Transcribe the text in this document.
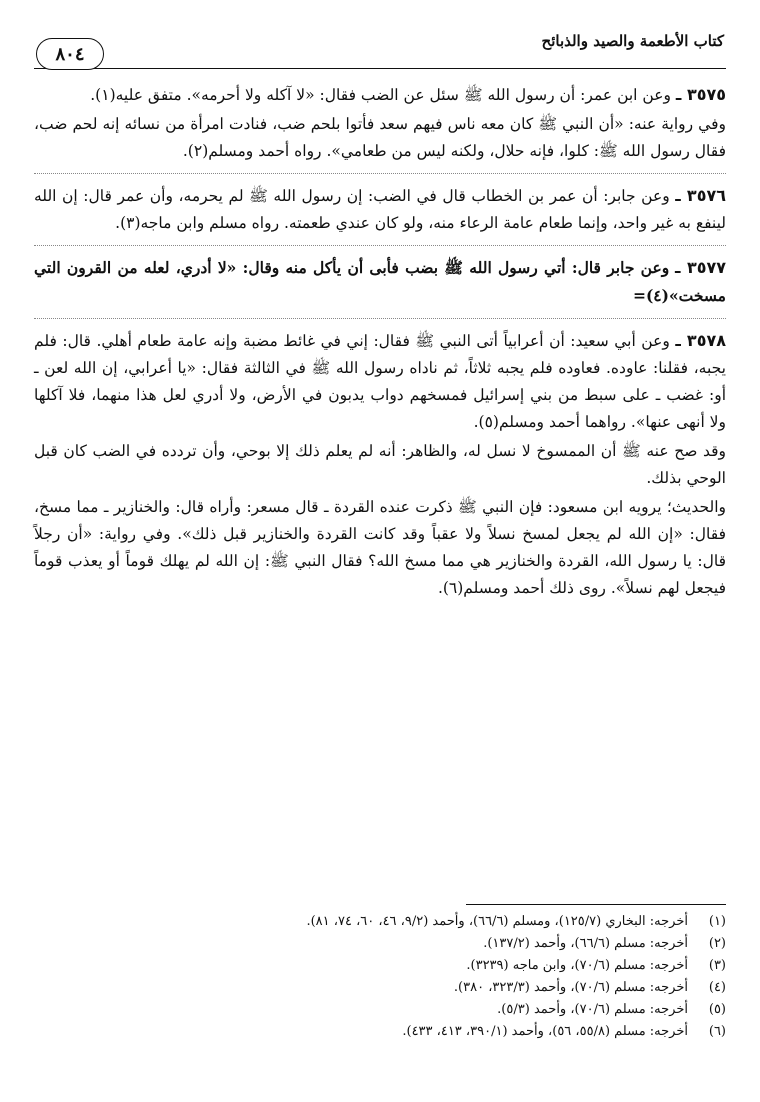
كتاب الأطعمة والصيد والذبائح
٨٠٤

٣٥٧٥ ـ وعن ابن عمر: أن رسول الله ﷺ سئل عن الضب فقال: «لا آكله ولا أحرمه». متفق عليه(١).

وفي رواية عنه: «أن النبي ﷺ كان معه ناس فيهم سعد فأتوا بلحم ضب، فنادت امرأة من نسائه إنه لحم ضب، فقال رسول الله ﷺ: كلوا، فإنه حلال، ولكنه ليس من طعامي». رواه أحمد ومسلم(٢).

٣٥٧٦ ـ وعن جابر: أن عمر بن الخطاب قال في الضب: إن رسول الله ﷺ لم يحرمه، وأن عمر قال: إن الله لينفع به غير واحد، وإنما طعام عامة الرعاء منه، ولو كان عندي طعمته. رواه مسلم وابن ماجه(٣).

٣٥٧٧ ـ وعن جابر قال: أتي رسول الله ﷺ بضب فأبى أن يأكل منه وقال: «لا أدري، لعله من القرون التي مسخت»(٤)=

٣٥٧٨ ـ وعن أبي سعيد: أن أعرابياً أتى النبي ﷺ فقال: إني في غائط مضبة وإنه عامة طعام أهلي. قال: فلم يجبه، فقلنا: عاوده. فعاوده فلم يجبه ثلاثاً، ثم ناداه رسول الله ﷺ في الثالثة فقال: «يا أعرابي، إن الله لعن ـ أو: غضب ـ على سبط من بني إسرائيل فمسخهم دواب يدبون في الأرض، ولا أدري لعل هذا منهما، فلا آكلها ولا أنهى عنها». رواهما أحمد ومسلم(٥).

وقد صح عنه ﷺ أن الممسوخ لا نسل له، والظاهر: أنه لم يعلم ذلك إلا بوحي، وأن تردده في الضب كان قبل الوحي بذلك.

والحديث؛ يرويه ابن مسعود: فإن النبي ﷺ ذكرت عنده القردة ـ قال مسعر: وأراه قال: والخنازير ـ مما مسخ، فقال: «إن الله لم يجعل لمسخ نسلاً ولا عقباً وقد كانت القردة والخنازير قبل ذلك». وفي رواية: «أن رجلاً قال: يا رسول الله، القردة والخنازير هي مما مسخ الله؟ فقال النبي ﷺ: إن الله لم يهلك قوماً أو يعذب قوماً فيجعل لهم نسلاً». روى ذلك أحمد ومسلم(٦).

(١)
أخرجه: البخاري (١٢٥/٧)، ومسلم (٦٦/٦)، وأحمد (٩/٢، ٤٦، ٦٠، ٧٤، ٨١).
(٢)
أخرجه: مسلم (٦٦/٦)، وأحمد (١٣٧/٢).
(٣)
أخرجه: مسلم (٧٠/٦)، وابن ماجه (٣٢٣٩).
(٤)
أخرجه: مسلم (٧٠/٦)، وأحمد (٣٢٣/٣، ٣٨٠).
(٥)
أخرجه: مسلم (٧٠/٦)، وأحمد (٥/٣).
(٦)
أخرجه: مسلم (٥٥/٨، ٥٦)، وأحمد (٣٩٠/١، ٤١٣، ٤٣٣).
